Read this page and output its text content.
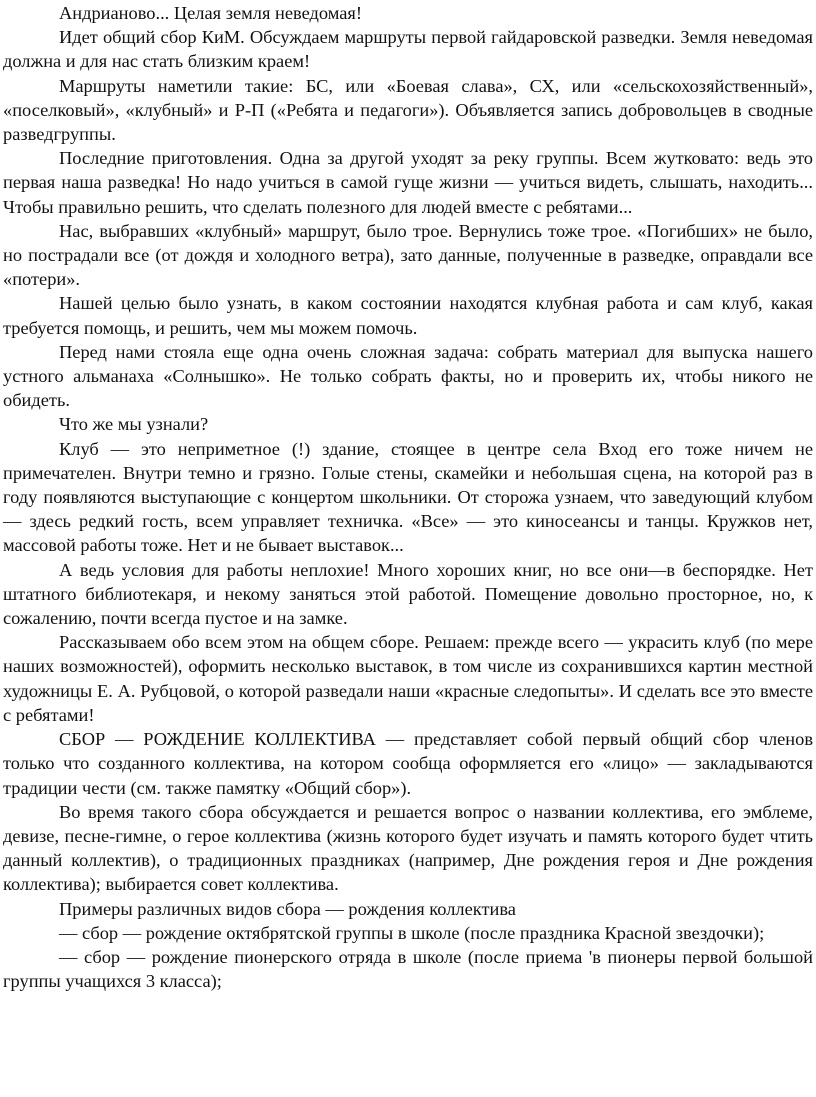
Андрианово... Целая земля неведомая!

Идет общий сбор КиМ. Обсуждаем маршруты первой гайдаровской разведки. Земля неведомая должна и для нас стать близким краем!

Маршруты наметили такие: БС, или «Боевая слава», СХ, или «сельскохозяйственный», «поселковый», «клубный» и Р-П («Ребята и педагоги»). Объявляется запись добровольцев в сводные разведгруппы.

Последние приготовления. Одна за другой уходят за реку группы. Всем жутковато: ведь это первая наша разведка! Но надо учиться в самой гуще жизни — учиться видеть, слышать, находить... Чтобы правильно решить, что сделать полезного для людей вместе с ребятами...

Нас, выбравших «клубный» маршрут, было трое. Вернулись тоже трое. «Погибших» не было, но пострадали все (от дождя и холодного ветра), зато данные, полученные в разведке, оправдали все «потери».

Нашей целью было узнать, в каком состоянии находятся клубная работа и сам клуб, какая требуется помощь, и решить, чем мы можем помочь.

Перед нами стояла еще одна очень сложная задача: собрать материал для выпуска нашего устного альманаха «Солнышко». Не только собрать факты, но и проверить их, чтобы никого не обидеть.

Что же мы узнали?

Клуб — это неприметное (!) здание, стоящее в центре села Вход его тоже ничем не примечателен. Внутри темно и грязно. Голые стены, скамейки и небольшая сцена, на которой раз в году появляются выступающие с концертом школьники. От сторожа узнаем, что заведующий клубом — здесь редкий гость, всем управляет техничка. «Все» — это киносеансы и танцы. Кружков нет, массовой работы тоже. Нет и не бывает выставок...

А ведь условия для работы неплохие! Много хороших книг, но все они—в беспорядке. Нет штатного библиотекаря, и некому заняться этой работой. Помещение довольно просторное, но, к сожалению, почти всегда пустое и на замке.

Рассказываем обо всем этом на общем сборе. Решаем: прежде всего — украсить клуб (по мере наших возможностей), оформить несколько выставок, в том числе из сохранившихся картин местной художницы Е. А. Рубцовой, о которой разведали наши «красные следопыты». И сделать все это вместе с ребятами!

СБОР — РОЖДЕНИЕ КОЛЛЕКТИВА — представляет собой первый общий сбор членов только что созданного коллектива, на котором сообща оформляется его «лицо» — закладываются традиции чести (см. также памятку «Общий сбор»).

Во время такого сбора обсуждается и решается вопрос о названии коллектива, его эмблеме, девизе, песне-гимне, о герое коллектива (жизнь которого будет изучать и память которого будет чтить данный коллектив), о традиционных праздниках (например, Дне рождения героя и Дне рождения коллектива); выбирается совет коллектива.

Примеры различных видов сбора — рождения коллектива

— сбор — рождение октябрятской группы в школе (после праздника Красной звездочки);

— сбор — рождение пионерского отряда в школе (после приема 'в пионеры первой большой группы учащихся 3 класса);
